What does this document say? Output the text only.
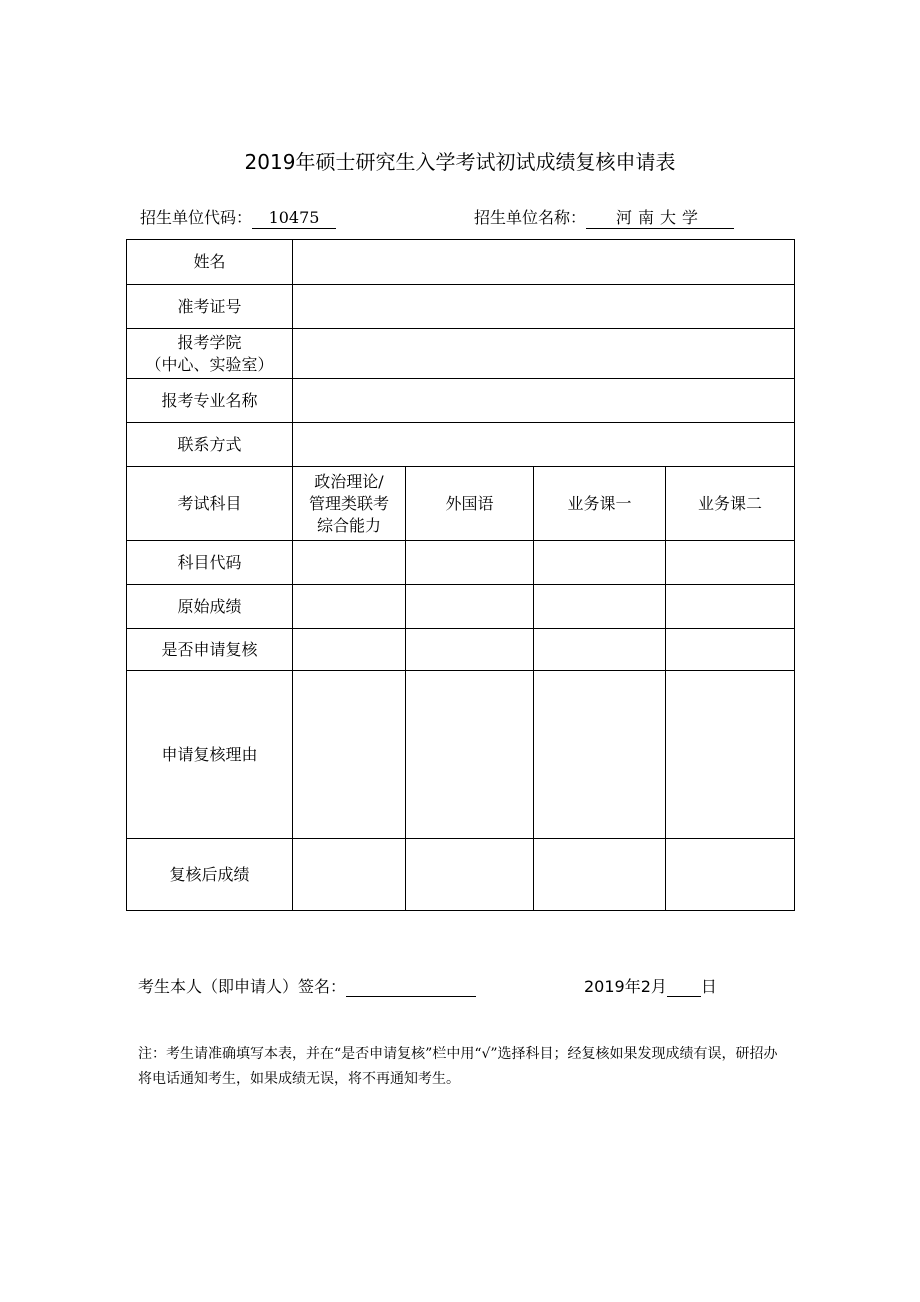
2019年硕士研究生入学考试初试成绩复核申请表
招生单位代码： 10475	招生单位名称： 河南大学
姓名				
准考证号				

报考学院
（中心、实验室）				

报考专业名称				
联系方式				
考试科目	政治理论/
管理类联考
综合能力	外国语	业务课一	业务课二
科目代码				
原始成绩				
是否申请复核				
申请复核理由				
复核后成绩				
考生本人（即申请人）签名：	2019年2月 日
注：考生请准确填写本表，并在“是否申请复核”栏中用“√”选择科目；经复核如果发现成绩有误，研招办将电话通知考生，如果成绩无误，将不再通知考生。
